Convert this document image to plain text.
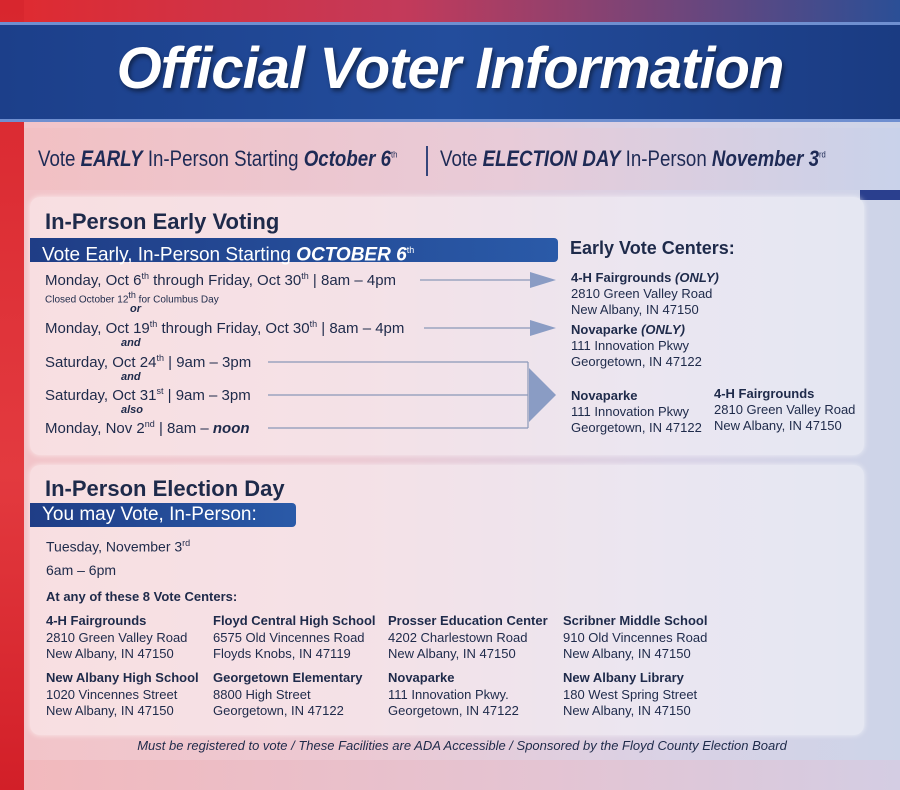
Official Voter Information
Vote EARLY In-Person Starting October 6th Vote ELECTION DAY In-Person November 3rd
In-Person Early Voting
Vote Early, In-Person Starting OCTOBER 6th
Monday, Oct 6th through Friday, Oct 30th | 8am – 4pm
Closed October 12th for Columbus Day
or
Monday, Oct 19th through Friday, Oct 30th | 8am – 4pm
and
Saturday, Oct 24th | 9am – 3pm
and
Saturday, Oct 31st | 9am – 3pm
also
Monday, Nov 2nd | 8am – noon
Early Vote Centers:
4-H Fairgrounds (ONLY)
2810 Green Valley Road
New Albany, IN 47150
Novaparke (ONLY)
111 Innovation Pkwy
Georgetown, IN 47122
Novaparke
111 Innovation Pkwy
Georgetown, IN 47122
4-H Fairgrounds
2810 Green Valley Road
New Albany, IN 47150
In-Person Election Day
You may Vote, In-Person:
Tuesday, November 3rd
6am – 6pm
At any of these 8 Vote Centers:
4-H Fairgrounds
2810 Green Valley Road
New Albany, IN 47150
Floyd Central High School
6575 Old Vincennes Road
Floyds Knobs, IN 47119
Prosser Education Center
4202 Charlestown Road
New Albany, IN 47150
Scribner Middle School
910 Old Vincennes Road
New Albany, IN 47150
New Albany High School
1020 Vincennes Street
New Albany, IN 47150
Georgetown Elementary
8800 High Street
Georgetown, IN 47122
Novaparke
111 Innovation Pkwy.
Georgetown, IN 47122
New Albany Library
180 West Spring Street
New Albany, IN 47150
Must be registered to vote / These Facilities are ADA Accessible / Sponsored by the Floyd County Election Board
